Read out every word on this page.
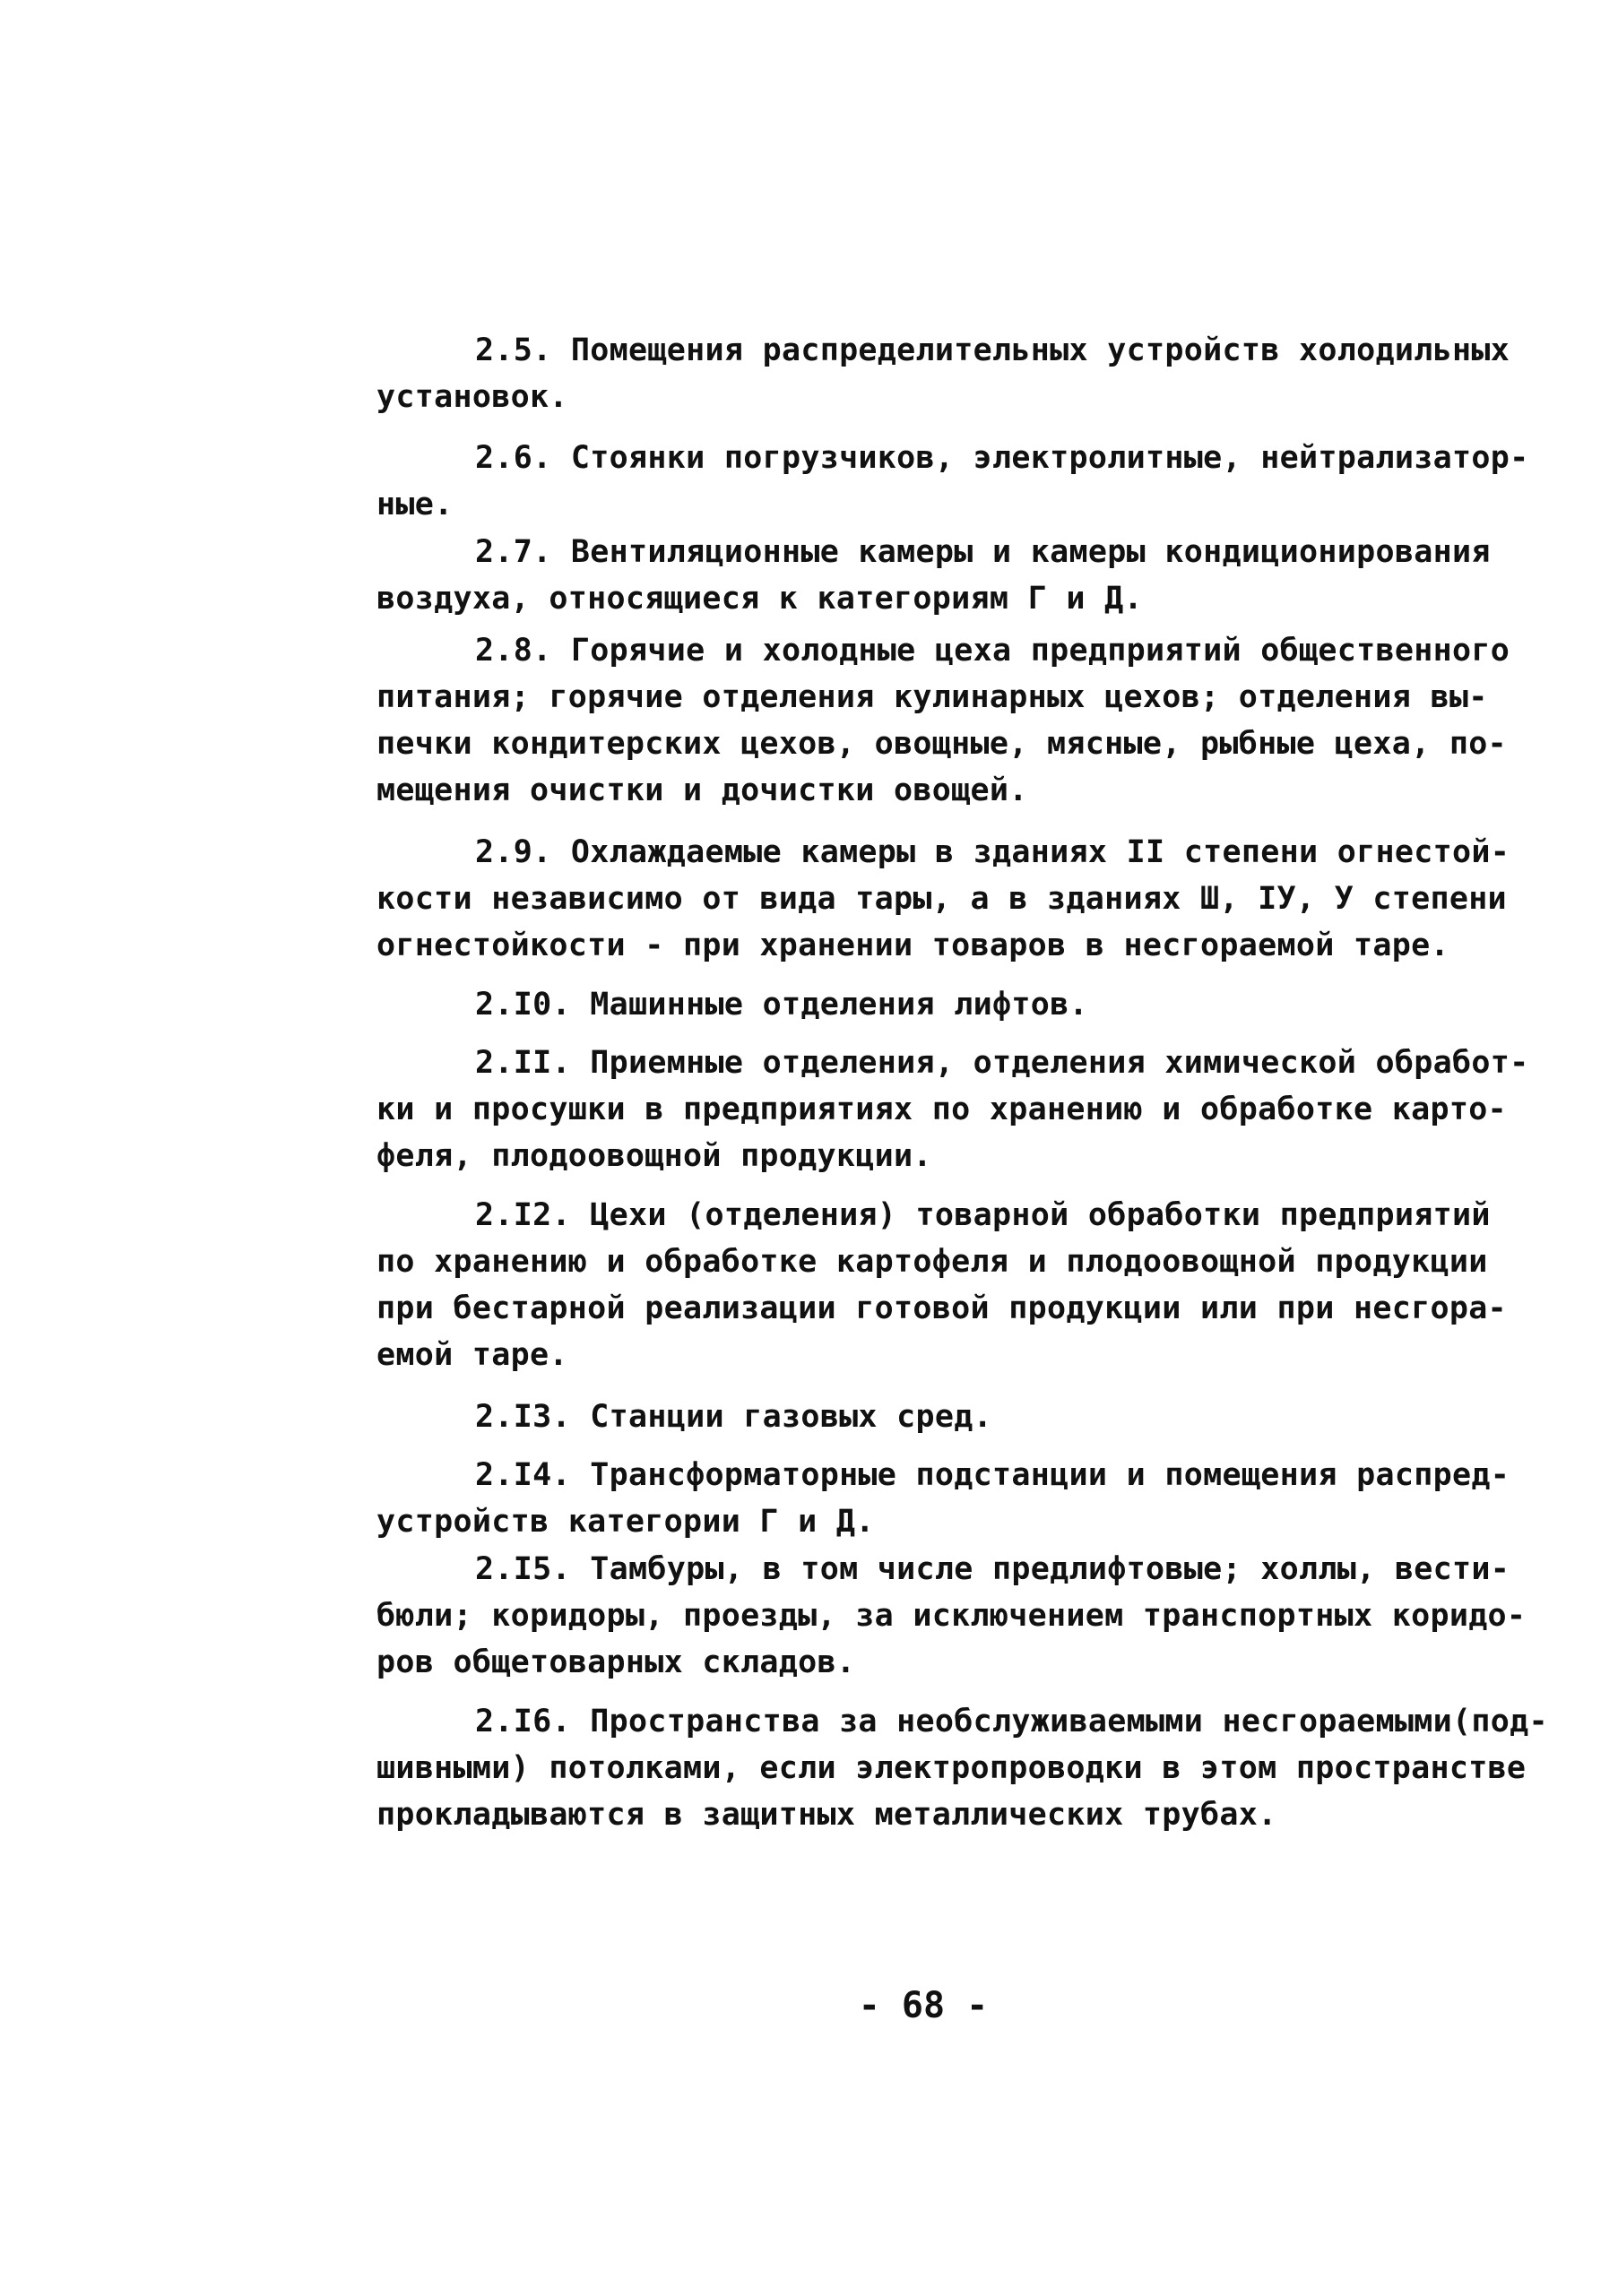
2.5. Помещения распределительных устройств холодильных
установок.
2.6. Стоянки погрузчиков, электролитные, нейтрализатор-
ные.
2.7. Вентиляционные камеры и камеры кондиционирования
воздуха, относящиеся к категориям Г и Д.
2.8. Горячие и холодные цеха предприятий общественного
питания; горячие отделения кулинарных цехов; отделения вы-
печки кондитерских цехов, овощные, мясные, рыбные цеха, по-
мещения очистки и дочистки овощей.
2.9. Охлаждаемые камеры в зданиях II степени огнестой-
кости независимо от вида тары, а в зданиях Ш, IУ, У степени
огнестойкости - при хранении товаров в несгораемой таре.
2.I0. Машинные отделения лифтов.
2.II. Приемные отделения, отделения химической обработ-
ки и просушки в предприятиях по хранению и обработке карто-
феля, плодоовощной продукции.
2.I2. Цехи (отделения) товарной обработки предприятий
по хранению и обработке картофеля и плодоовощной продукции
при бестарной реализации готовой продукции или при несгора-
емой таре.
2.I3. Станции газовых сред.
2.I4. Трансформаторные подстанции и помещения распред-
устройств категории Г и Д.
2.I5. Тамбуры, в том числе предлифтовые; холлы, вести-
бюли; коридоры, проезды, за исключением транспортных коридо-
ров общетоварных складов.
2.I6. Пространства за необслуживаемыми несгораемыми(под-
шивными) потолками, если электропроводки в этом пространстве
прокладываются в защитных металлических трубах.
- 68 -
